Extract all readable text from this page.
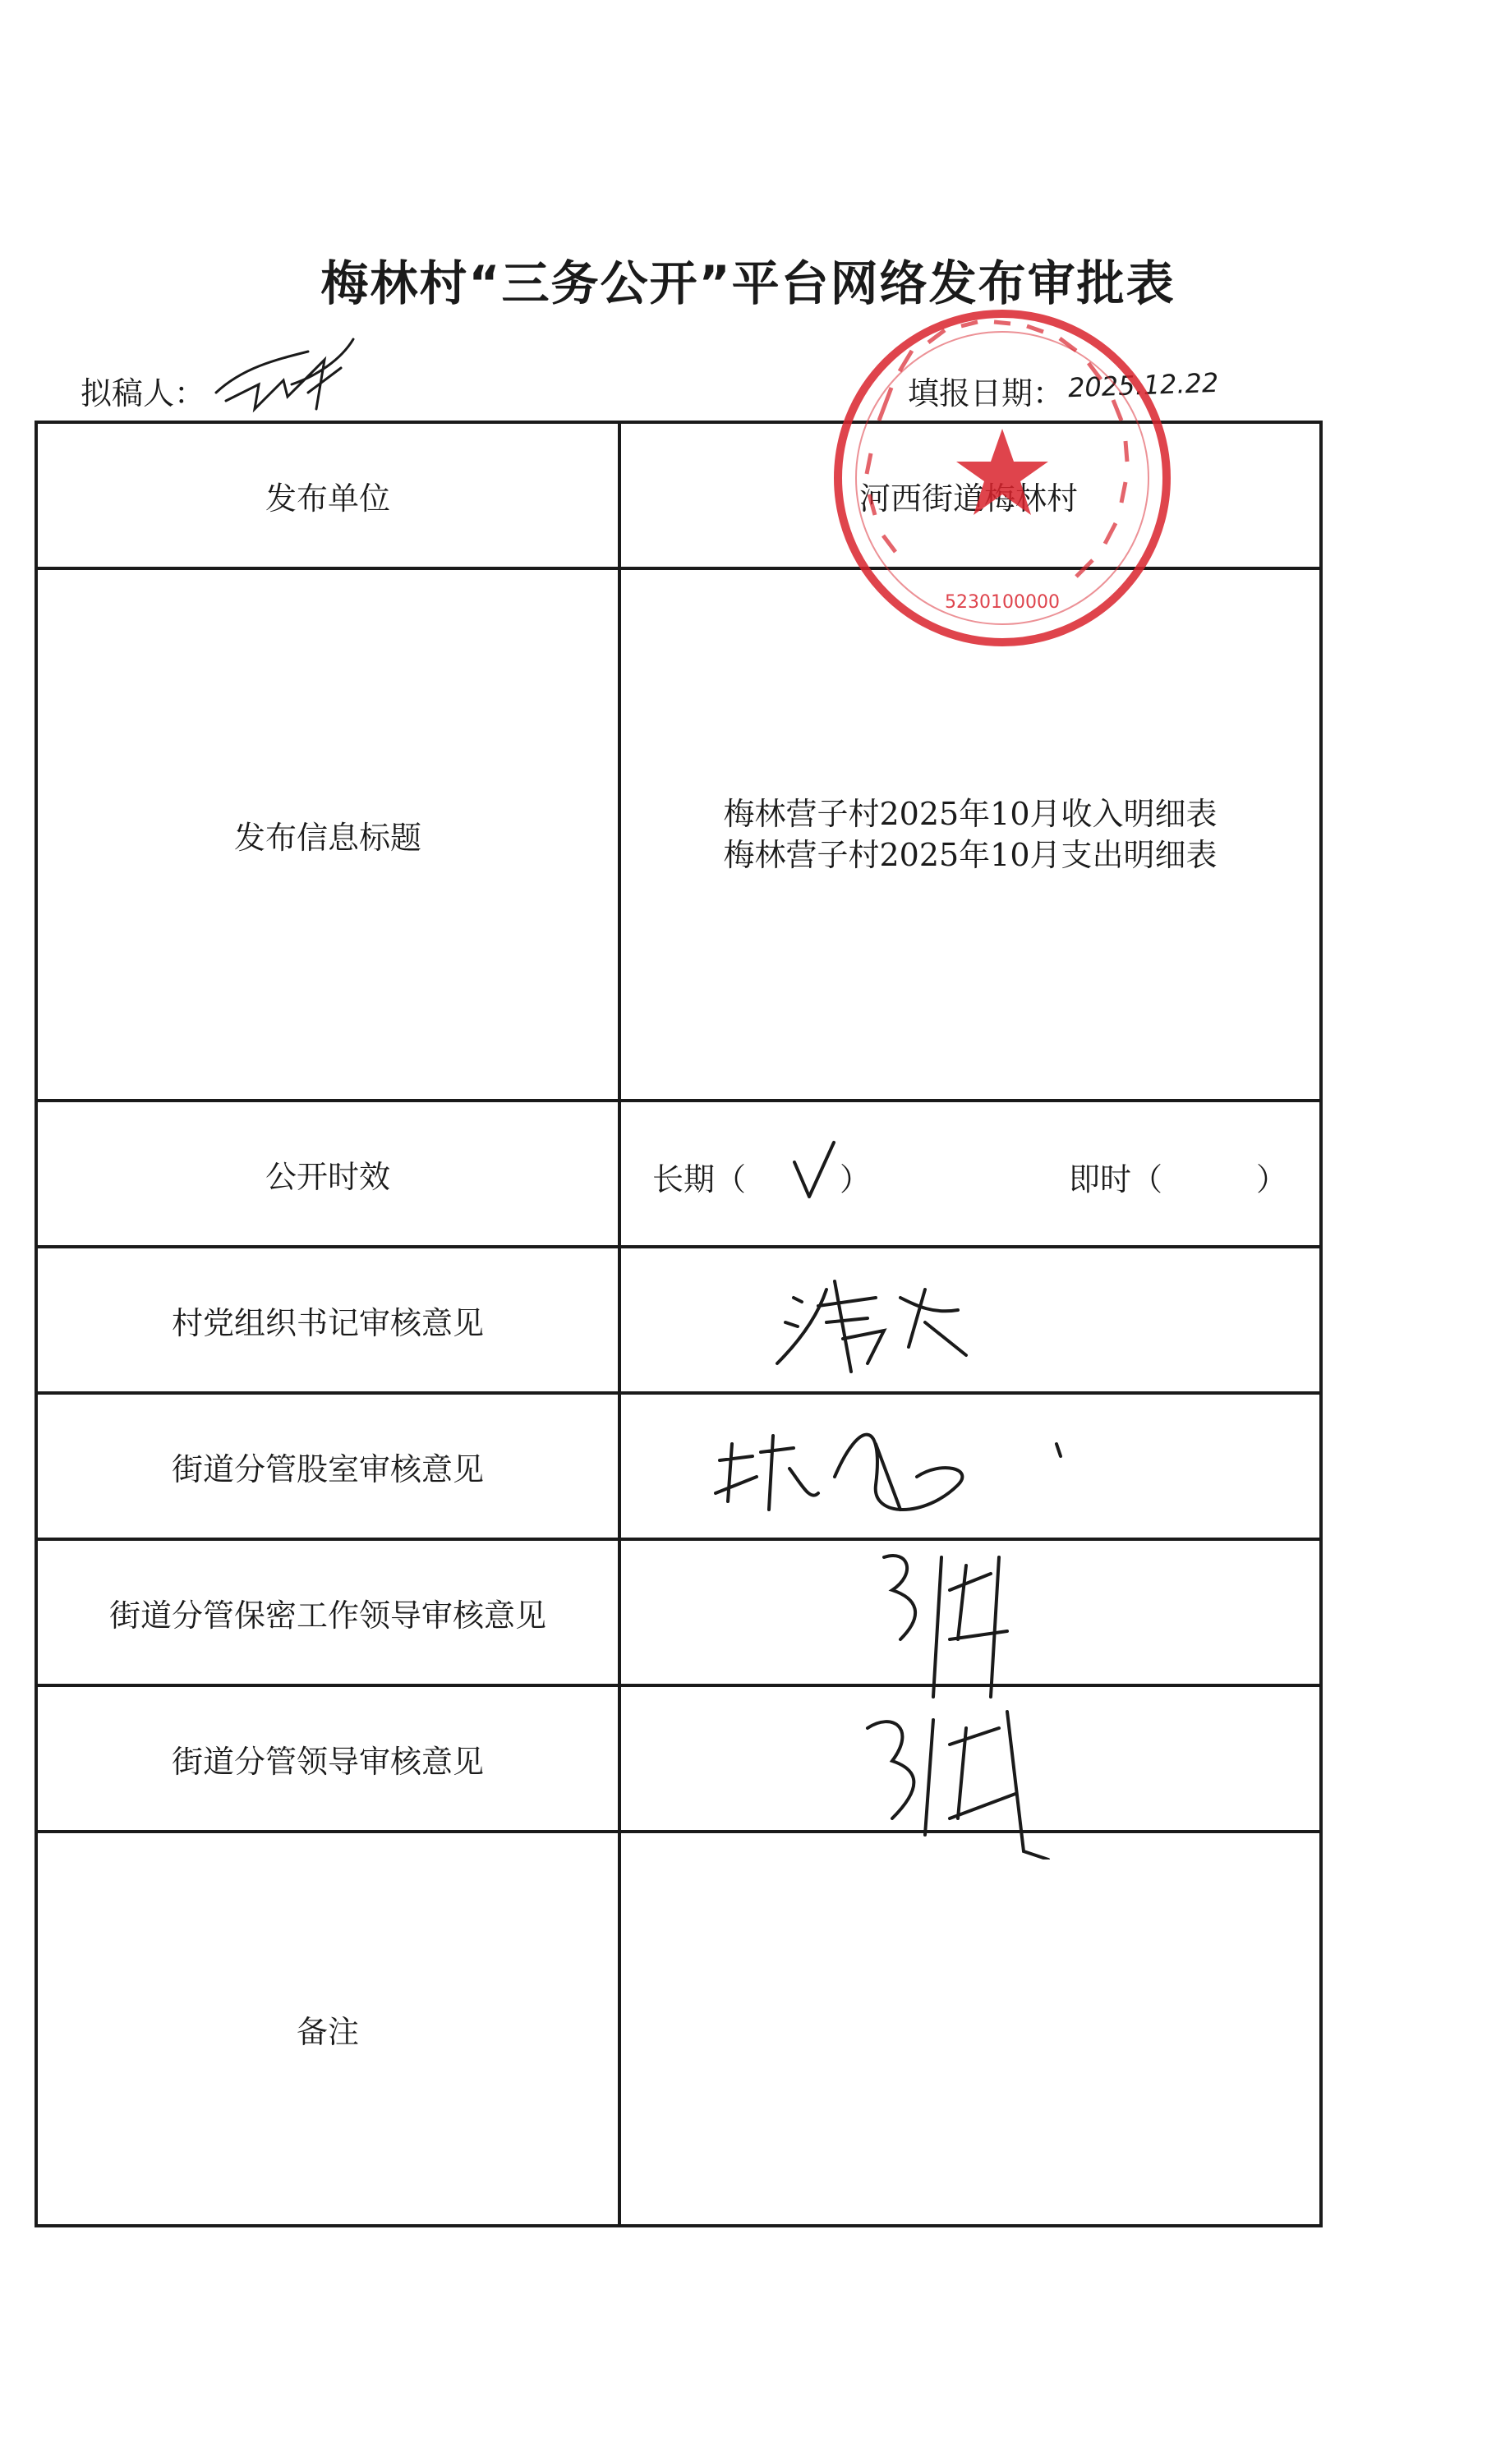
梅林村“三务公开”平台网络发布审批表
拟稿人：	填报日期： 2025.12.22
发布单位	河西街道梅林村

发布信息标题	梅林营子村2025年10月收入明细表
梅林营子村2025年10月支出明细表

公开时效	长期（　　　） 即时（　　　）

村党组织书记审核意见	

街道分管股室审核意见	

街道分管保密工作领导审核意见	

街道分管领导审核意见	

备注	
5230100000
